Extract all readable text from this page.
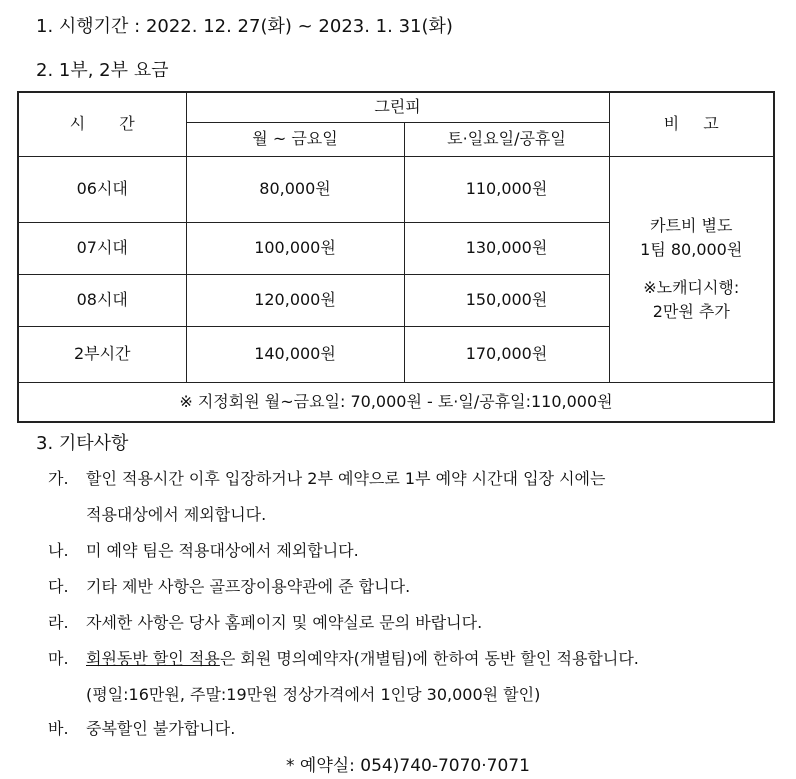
1. 시행기간 : 2022. 12. 27(화) ~ 2023. 1. 31(화)
2. 1부, 2부 요금
시간	그린피		비고
	월 ~ 금요일	토·일요일/공휴일	
06시대	80,000원	110,000원	카트비 별도
1팀 80,000원
※노캐디시행:
2만원 추가

07시대	100,000원	130,000원	
08시대	120,000원	150,000원	
2부시간	140,000원	170,000원	
※ 지정회원 월~금요일: 70,000원 - 토·일/공휴일:110,000원			
3. 기타사항
가. 할인 적용시간 이후 입장하거나 2부 예약으로 1부 예약 시간대 입장 시에는
적용대상에서 제외합니다.
나. 미 예약 팀은 적용대상에서 제외합니다.
다. 기타 제반 사항은 골프장이용약관에 준 합니다.
라. 자세한 사항은 당사 홈페이지 및 예약실로 문의 바랍니다.
마. 회원동반 할인 적용은 회원 명의예약자(개별팀)에 한하여 동반 할인 적용합니다.
(평일:16만원, 주말:19만원 정상가격에서 1인당 30,000원 할인)
바. 중복할인 불가합니다.
* 예약실: 054)740-7070·7071
